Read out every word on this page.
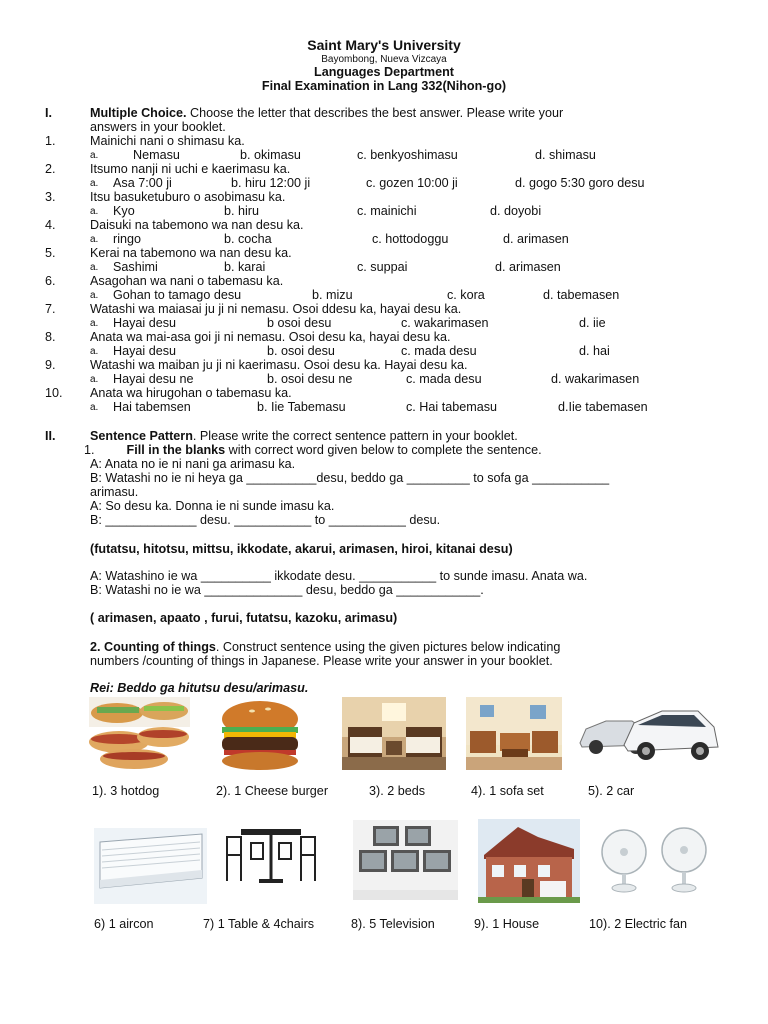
Saint Mary's University
Bayombong, Nueva Vizcaya
Languages Department
Final Examination in Lang 332(Nihon-go)
I.	Multiple Choice. Choose the letter that describes the best answer. Please write your
answers in your booklet.
1.	Mainichi nani o shimasu ka.
a.	Nemasu	b. okimasu	c. benkyoshimasu	d. shimasu
2.	Itsumo nanji ni uchi e kaerimasu ka.
a. Asa 7:00 ji	b. hiru 12:00 ji	c. gozen 10:00 ji	d. gogo 5:30 goro desu
3.	Itsu basuketuburo o asobimasu ka.
a. Kyo	b. hiru	c. mainichi	d. doyobi
4.	Daisuki na tabemono wa nan desu ka.
a. ringo	b. cocha	c. hottodoggu	d. arimasen
5.	Kerai na tabemono wa nan desu ka.
a. Sashimi	b. karai	c. suppai	d. arimasen
6.	Asagohan wa nani o tabemasu ka.
a. Gohan to tamago desu	b. mizu	c. kora	d. tabemasen
7.	Watashi wa maiasai ju ji ni nemasu. Osoi ddesu ka, hayai desu ka.
a. Hayai desu	b osoi desu	c. wakarimasen	d. iie
8.	Anata wa mai-asa goi ji ni nemasu. Osoi desu ka, hayai desu ka.
a. Hayai desu	b. osoi desu	c. mada desu	d. hai
9.	Watashi wa maiban ju ji ni kaerimasu. Osoi desu ka. Hayai desu ka.
a. Hayai desu ne	b. osoi desu ne	c. mada desu	d. wakarimasen
10. Anata wa hirugohan o tabemasu ka.
a. Hai tabemsen	b. Iie Tabemasu	c. Hai tabemasu	d.Iie tabemasen
II.	Sentence Pattern. Please write the correct sentence pattern in your booklet.
1.	Fill in the blanks with correct word given below to complete the sentence.
A: Anata no ie ni nani ga arimasu ka.
B: Watashi no ie ni heya ga __________desu, beddo ga _________ to sofa ga ___________
arimasu.
A: So desu ka. Donna ie ni sunde imasu ka.
B: _____________ desu. ___________ to ___________ desu.
(futatsu, hitotsu, mittsu, ikkodate, akarui, arimasen, hiroi, kitanai desu)
A: Watashino ie wa __________ ikkodate desu. ___________ to sunde imasu. Anata wa.
B: Watashi no ie wa ______________ desu, beddo ga ____________.
( arimasen, apaato , furui, futatsu, kazoku, arimasu)
2. Counting of things. Construct sentence using the given pictures below indicating
numbers /counting of things in Japanese. Please write your answer in your booklet.
Rei: Beddo ga hitutsu desu/arimasu.
1). 3 hotdog	2). 1 Cheese burger	3). 2 beds	4). 1 sofa set	5). 2 car
6) 1 aircon	7) 1 Table & 4chairs	8). 5 Television	9). 1 House	10). 2 Electric fan
